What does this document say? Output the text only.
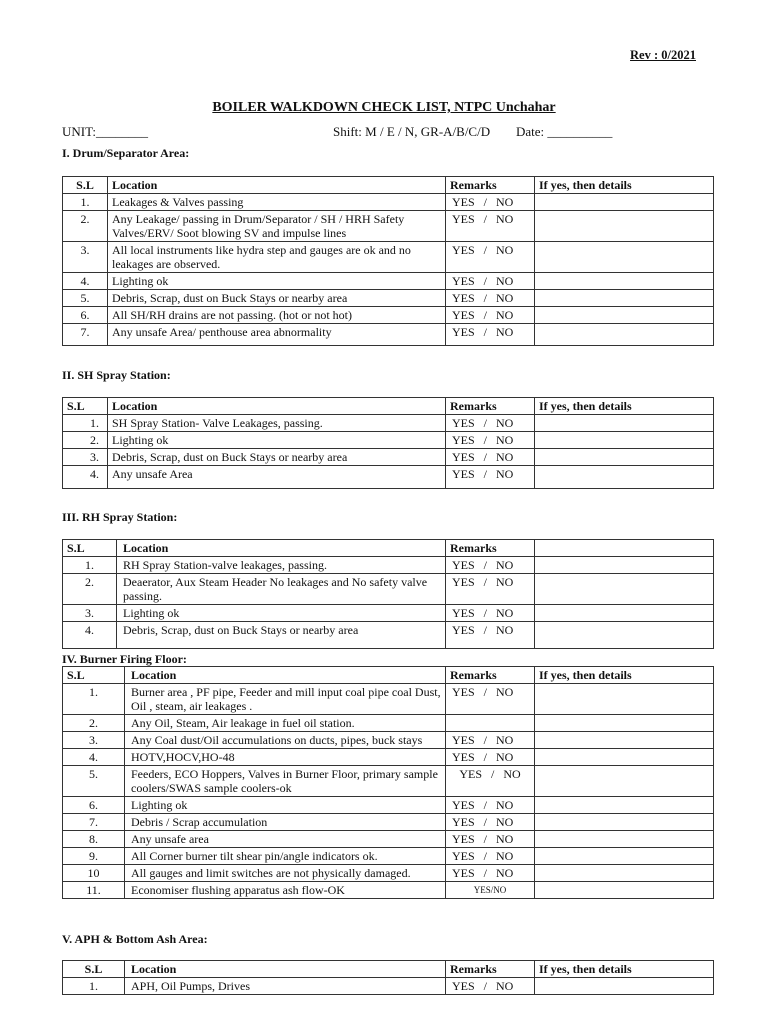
Rev : 0/2021
BOILER WALKDOWN CHECK LIST, NTPC Unchahar
UNIT:________	Shift: M / E / N, GR-A/B/C/D Date: __________
I. Drum/Separator Area:
S.L	Location	Remarks	If yes, then details
1.	Leakages & Valves passing	YES   /   NO	
2.	Any Leakage/ passing in Drum/Separator / SH / HRH Safety Valves/ERV/ Soot blowing SV and impulse lines	YES   /   NO	
3.	All local instruments like hydra step and gauges are ok and no leakages are observed.	YES   /   NO	
4.	Lighting ok	YES   /   NO	
5.	Debris, Scrap, dust on Buck Stays or nearby area	YES   /   NO	
6.	All SH/RH drains are not passing. (hot or not hot)	YES   /   NO	
7.	Any unsafe Area/ penthouse area abnormality	YES   /   NO	
II. SH Spray Station:
S.L	Location	Remarks	If yes, then details
1.	SH Spray Station- Valve Leakages, passing.	YES   /   NO	
2.	Lighting ok	YES   /   NO	
3.	Debris, Scrap, dust on Buck Stays or nearby area	YES   /   NO	
4.	Any unsafe Area	YES   /   NO	
III. RH Spray Station:
S.L	Location	Remarks	
1.	RH Spray Station-valve leakages, passing.	YES   /   NO	
2.	Deaerator, Aux Steam Header No leakages and No safety valve passing.	YES   /   NO	
3.	Lighting ok	YES   /   NO	
4.	Debris, Scrap, dust on Buck Stays or nearby area	YES   /   NO	
IV. Burner Firing Floor:
S.L	Location	Remarks	If yes, then details
1.	Burner area , PF pipe, Feeder and mill input coal pipe coal Dust, Oil , steam, air leakages .	YES   /   NO	
2.	Any Oil, Steam, Air leakage in fuel oil station.		
3.	Any Coal dust/Oil accumulations on ducts, pipes, buck stays	YES   /   NO	
4.	HOTV,HOCV,HO-48	YES   /   NO	
5.	Feeders, ECO Hoppers, Valves in Burner Floor, primary sample coolers/SWAS sample coolers-ok	YES   /   NO	
6.	Lighting ok	YES   /   NO	
7.	Debris / Scrap accumulation	YES   /   NO	
8.	Any unsafe area	YES   /   NO	
9.	All Corner burner tilt shear pin/angle indicators ok.	YES   /   NO	
10	All gauges and limit switches are not physically damaged.	YES   /   NO	
11.	Economiser flushing apparatus ash flow-OK	YES/NO	
V. APH & Bottom Ash Area:
S.L	Location	Remarks	If yes, then details
1.	APH, Oil Pumps, Drives	YES   /   NO	
